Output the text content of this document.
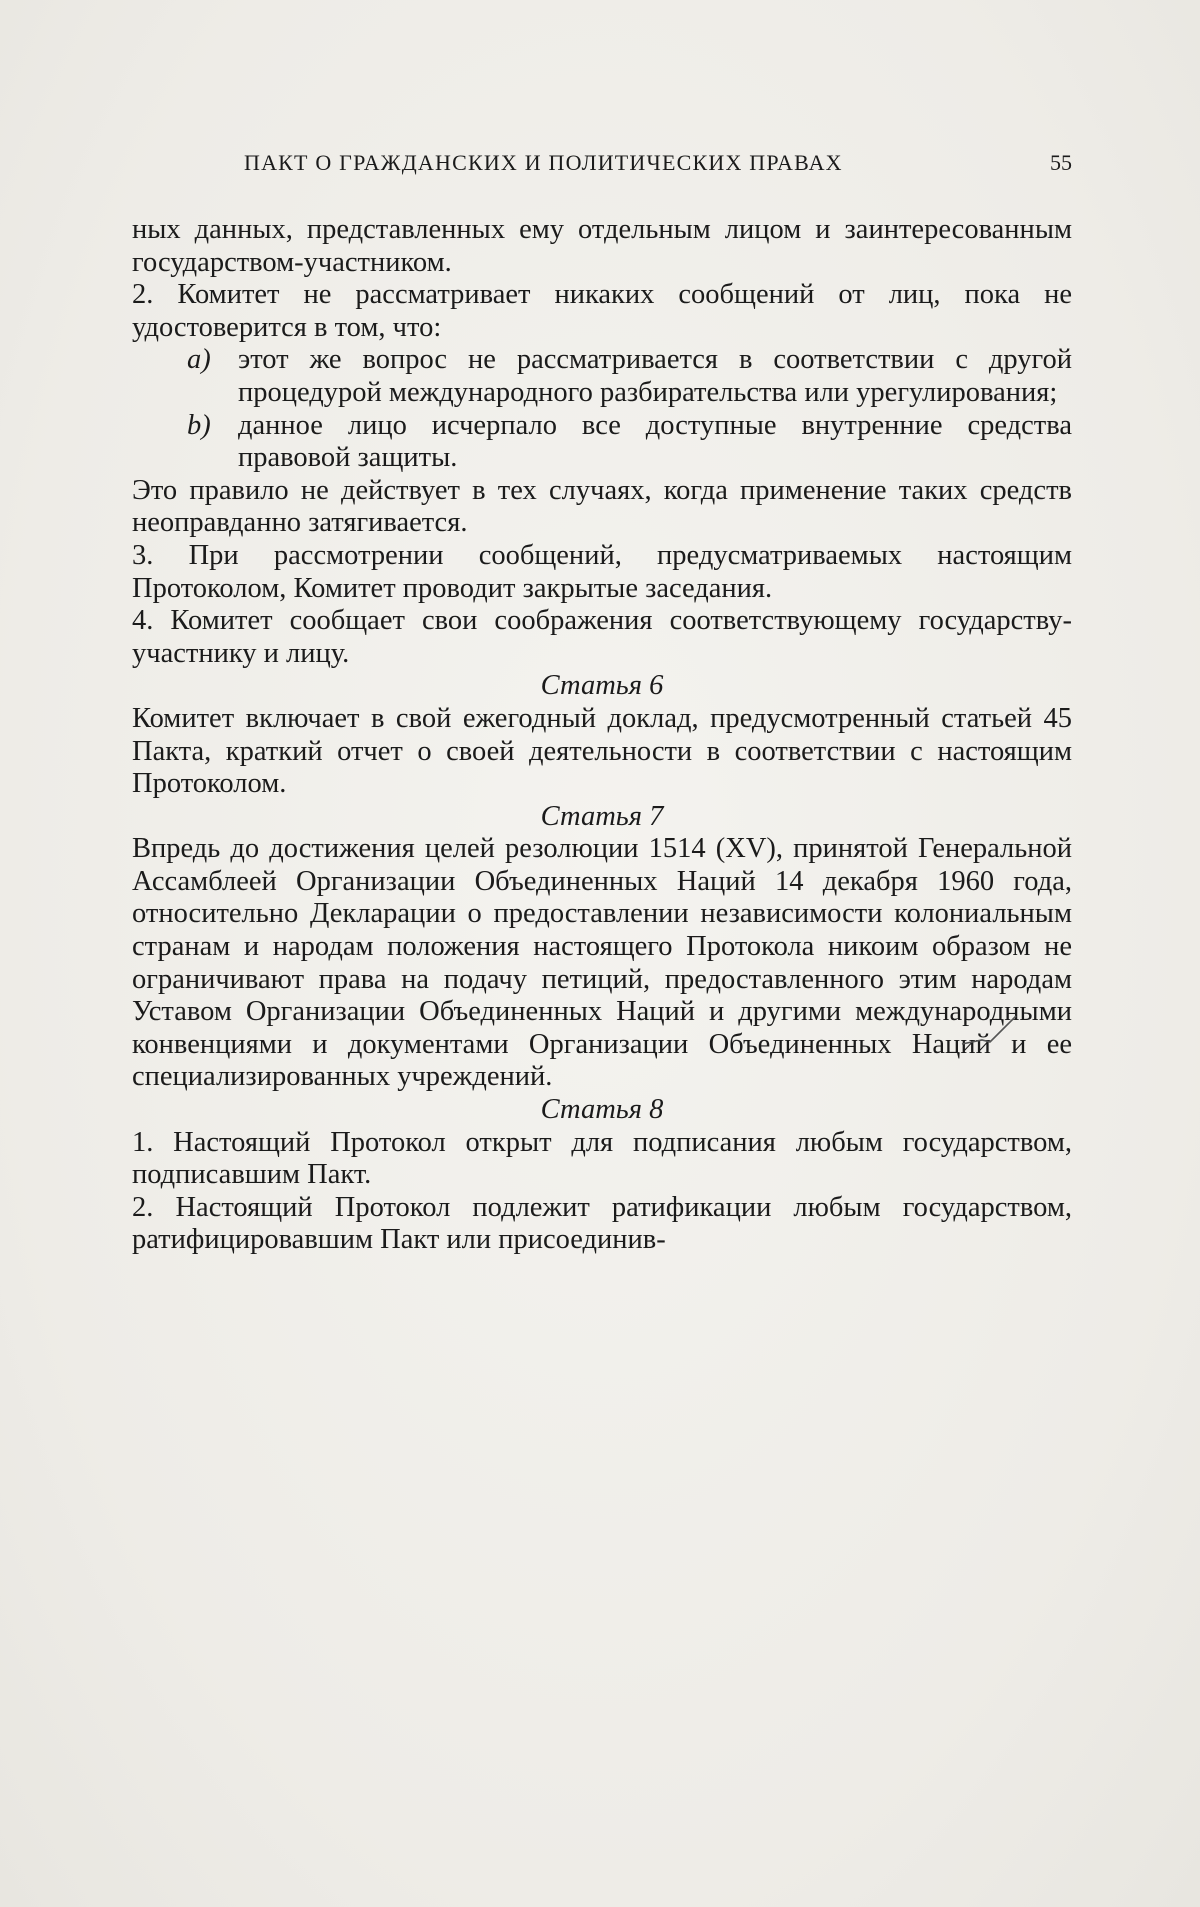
ПАКТ О ГРАЖДАНСКИХ И ПОЛИТИЧЕСКИХ ПРАВАХ	55

ных данных, представленных ему отдельным лицом и заинтересованным государством-участником.

2. Комитет не рассматривает никаких сообщений от лиц, пока не удостоверится в том, что:

a) этот же вопрос не рассматривается в соответствии с другой процедурой международного разбирательства или урегулирования;
b) данное лицо исчерпало все доступные внутренние средства правовой защиты.

Это правило не действует в тех случаях, когда применение таких средств неоправданно затягивается.

3. При рассмотрении сообщений, предусматриваемых настоящим Протоколом, Комитет проводит закрытые заседания.

4. Комитет сообщает свои соображения соответствующему государству-участнику и лицу.

Статья 6

Комитет включает в свой ежегодный доклад, предусмотренный статьей 45 Пакта, краткий отчет о своей деятельности в соответствии с настоящим Протоколом.

Статья 7

Впредь до достижения целей резолюции 1514 (XV), принятой Генеральной Ассамблеей Организации Объединенных Наций 14 декабря 1960 года, относительно Декларации о предоставлении независимости колониальным странам и народам положения настоящего Протокола никоим образом не ограничивают права на подачу петиций, предоставленного этим народам Уставом Организации Объединенных Наций и другими международными конвенциями и документами Организации Объединенных Наций и ее специализированных учреждений.

Статья 8

1. Настоящий Протокол открыт для подписания любым государством, подписавшим Пакт.

2. Настоящий Протокол подлежит ратификации любым государством, ратифицировавшим Пакт или присоединив-
